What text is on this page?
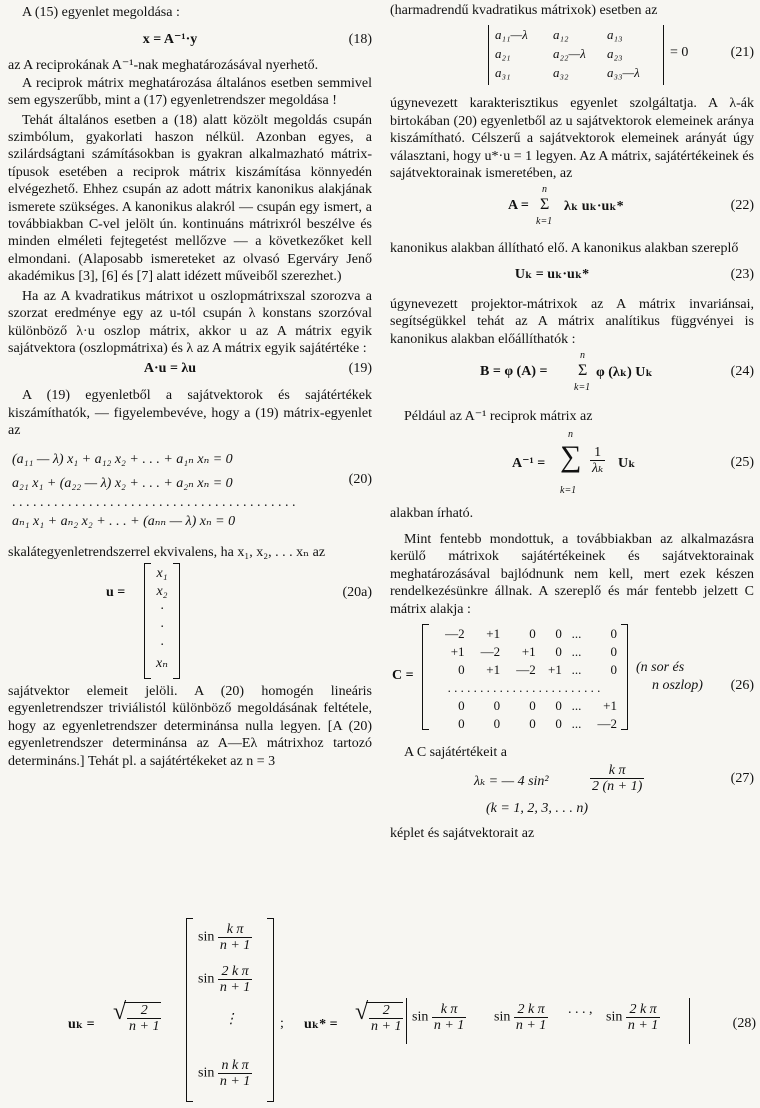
A (15) egyenlet megoldása :

x = A⁻¹·y	(18)

az A reciprokának A⁻¹-nak meghatározásával nyerhető.

A reciprok mátrix meghatározása általános esetben semmivel sem egyszerűbb, mint a (17) egyenletrendszer megoldása !

Tehát általános esetben a (18) alatt közölt megoldás csupán szimbólum, gyakorlati haszon nélkül. Azonban egyes, a szilárdságtani számításokban is gyakran alkalmazható mátrix-típusok esetében a reciprok mátrix kiszámítása könnyedén elvégezhető. Ehhez csupán az adott mátrix kanonikus alakjának ismerete szükséges. A kanonikus alakról — csupán egy ismert, a továbbiakban C-vel jelölt ún. kontinuáns mátrixról beszélve és minden elméleti fejtegetést mellőzve — a következőket kell elmondani. (Alaposabb ismereteket az olvasó Egerváry Jenő akadémikus [3], [6] és [7] alatt idézett műveiből szerezhet.)

Ha az A kvadratikus mátrixot u oszlopmátrixszal szorozva a szorzat eredménye egy az u-tól csupán λ konstans szorzóval különböző λ·u oszlop mátrix, akkor u az A mátrix egyik sajátvektora (oszlopmátrixa) és λ az A mátrix egyik sajátértéke :

A·u = λu	(19)

A (19) egyenletből a sajátvektorok és sajátértékek kiszámíthatók, — figyelembevéve, hogy a (19) mátrix-egyenlet az

(a₁₁ — λ) x₁ + a₁₂ x₂ + . . . + a₁ₙ xₙ = 0
a₂₁ x₁ + (a₂₂ — λ) x₂ + . . . + a₂ₙ xₙ = 0
. . . . . . . . . . . . . . . . . . . . . . . . . . . . . . . . . . . . . . . . .
aₙ₁ x₁ + aₙ₂ x₂ + . . . + (aₙₙ — λ) xₙ = 0
(20)

skalátegyenletrendszerrel ekvivalens, ha x₁, x₂, . . . xₙ az

u =
x₁
x₂
·
·
·
xₙ
(20a)

sajátvektor elemeit jelöli. A (20) homogén lineáris egyenletrendszer triviálistól különböző megoldásának feltétele, hogy az egyenletrendszer determinánsa nulla legyen. [A (20) egyenletrendszer determinánsa az A—Eλ mátrixhoz tartozó determináns.] Tehát pl. a sajátértékeket az n = 3

(harmadrendű kvadratikus mátrixok) esetben az

a₁₁—λ	a₁₂	a₁₃
a₂₁	a₂₂—λ	a₂₃
a₃₁	a₃₂	a₃₃—λ
= 0	(21)

úgynevezett karakterisztikus egyenlet szolgáltatja. A λ-ák birtokában (20) egyenletből az u sajátvektorok elemeinek aránya kiszámítható. Célszerű a sajátvektorok elemeinek arányát úgy választani, hogy u*·u = 1 legyen. Az A mátrix, sajátértékeinek és sajátvektorainak ismeretében, az

A =
n
Σ
k=1
λₖ uₖ·uₖ*	(22)

kanonikus alakban állítható elő. A kanonikus alakban szereplő

Uₖ = uₖ·uₖ*	(23)

úgynevezett projektor-mátrixok az A mátrix invariánsai, segítségükkel tehát az A mátrix analítikus függvényei is kanonikus alakban előállíthatók :

B = φ (A) =
n
Σ
k=1
φ (λₖ) Uₖ	(24)

Például az A⁻¹ reciprok mátrix az

A⁻¹ =
n
∑
k=1
$\frac{1}{\text{λₖ}}$ Uₖ	(25)

alakban írható.

Mint fentebb mondottuk, a továbbiakban az alkalmazásra kerülő mátrixok sajátértékeinek és sajátvektorainak meghatározásával bajlódnunk nem kell, mert ezek készen rendelkezésünkre állnak. A szereplő és már fentebb jelzett C mátrix alakja :

C =
—2	+1	0	0	...	0
+1	—2	+1	0	...	0
0	+1	—2	+1	...	0
. . . . . . . . . . . . . . . . . . . . . . . .					
0	0	0	0	...	+1
0	0	0	0	...	—2
(n sor és
n oszlop) (26)

A C sajátértékeit a

λₖ = — 4 sin²	$\frac{\text{k π}}{2 (n + 1)}$	(27)
(k = 1, 2, 3, . . . n)

képlet és sajátvektorait az

uₖ = √ $\frac{2}{n + 1}$
$\sin \frac{\text{k π}}{n + 1}$
$\sin \frac{\text{2 k π}}{n + 1}$
⋮
$\sin \frac{\text{n k π}}{n + 1}$
; uₖ* = √ $\frac{2}{n + 1}$ $\sin \frac{\text{k π}}{n + 1}$ $\sin \frac{\text{2 k π}}{n + 1}$ . . . ,
$\sin \frac{\text{2 k π}}{n + 1}$	(28)
